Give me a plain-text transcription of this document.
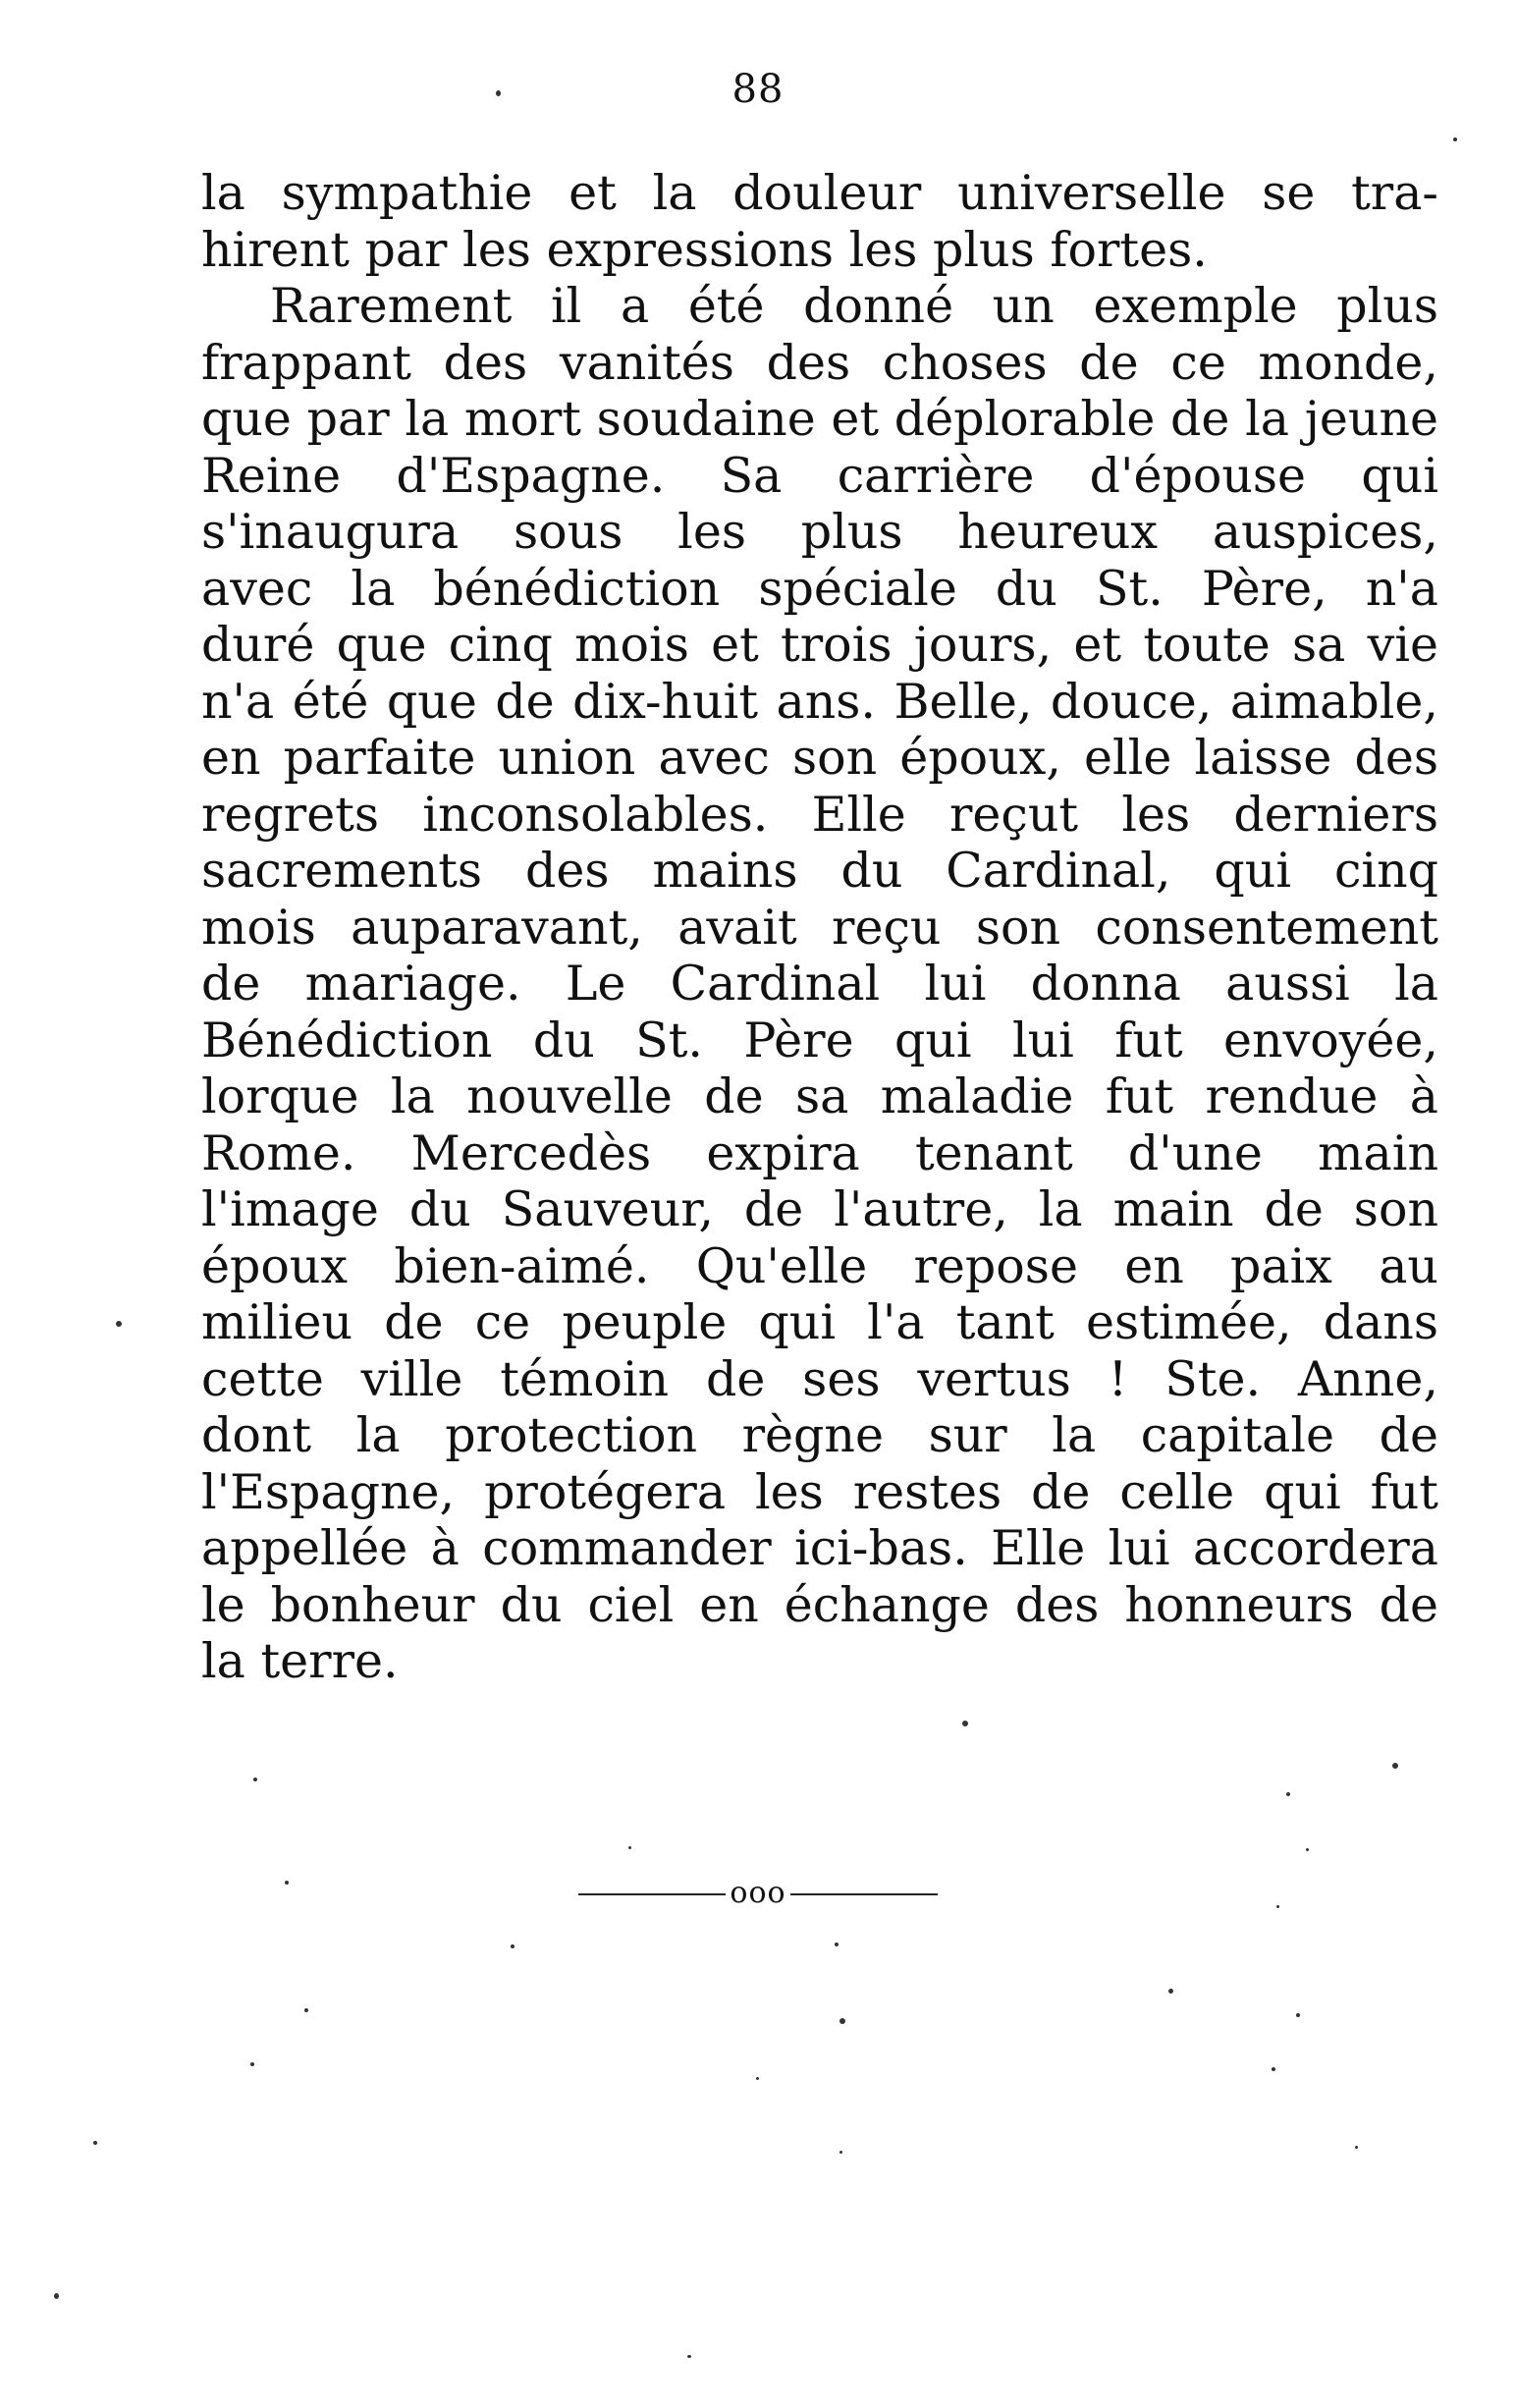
88
la sympathie et la douleur universelle se tra-
hirent par les expressions les plus fortes.
Rarement il a été donné un exemple plus
frappant des vanités des choses de ce monde,
que par la mort soudaine et déplorable de la jeune
Reine d'Espagne. Sa carrière d'épouse qui
s'inaugura sous les plus heureux auspices,
avec la bénédiction spéciale du St. Père, n'a
duré que cinq mois et trois jours, et toute sa vie
n'a été que de dix-huit ans. Belle, douce, aimable,
en parfaite union avec son époux, elle laisse des
regrets inconsolables. Elle reçut les derniers
sacrements des mains du Cardinal, qui cinq
mois auparavant, avait reçu son consentement
de mariage. Le Cardinal lui donna aussi la
Bénédiction du St. Père qui lui fut envoyée,
lorque la nouvelle de sa maladie fut rendue à
Rome. Mercedès expira tenant d'une main
l'image du Sauveur, de l'autre, la main de son
époux bien-aimé. Qu'elle repose en paix au
milieu de ce peuple qui l'a tant estimée, dans
cette ville témoin de ses vertus ! Ste. Anne,
dont la protection règne sur la capitale de
l'Espagne, protégera les restes de celle qui fut
appellée à commander ici-bas. Elle lui accordera
le bonheur du ciel en échange des honneurs de
la terre.
ooo
